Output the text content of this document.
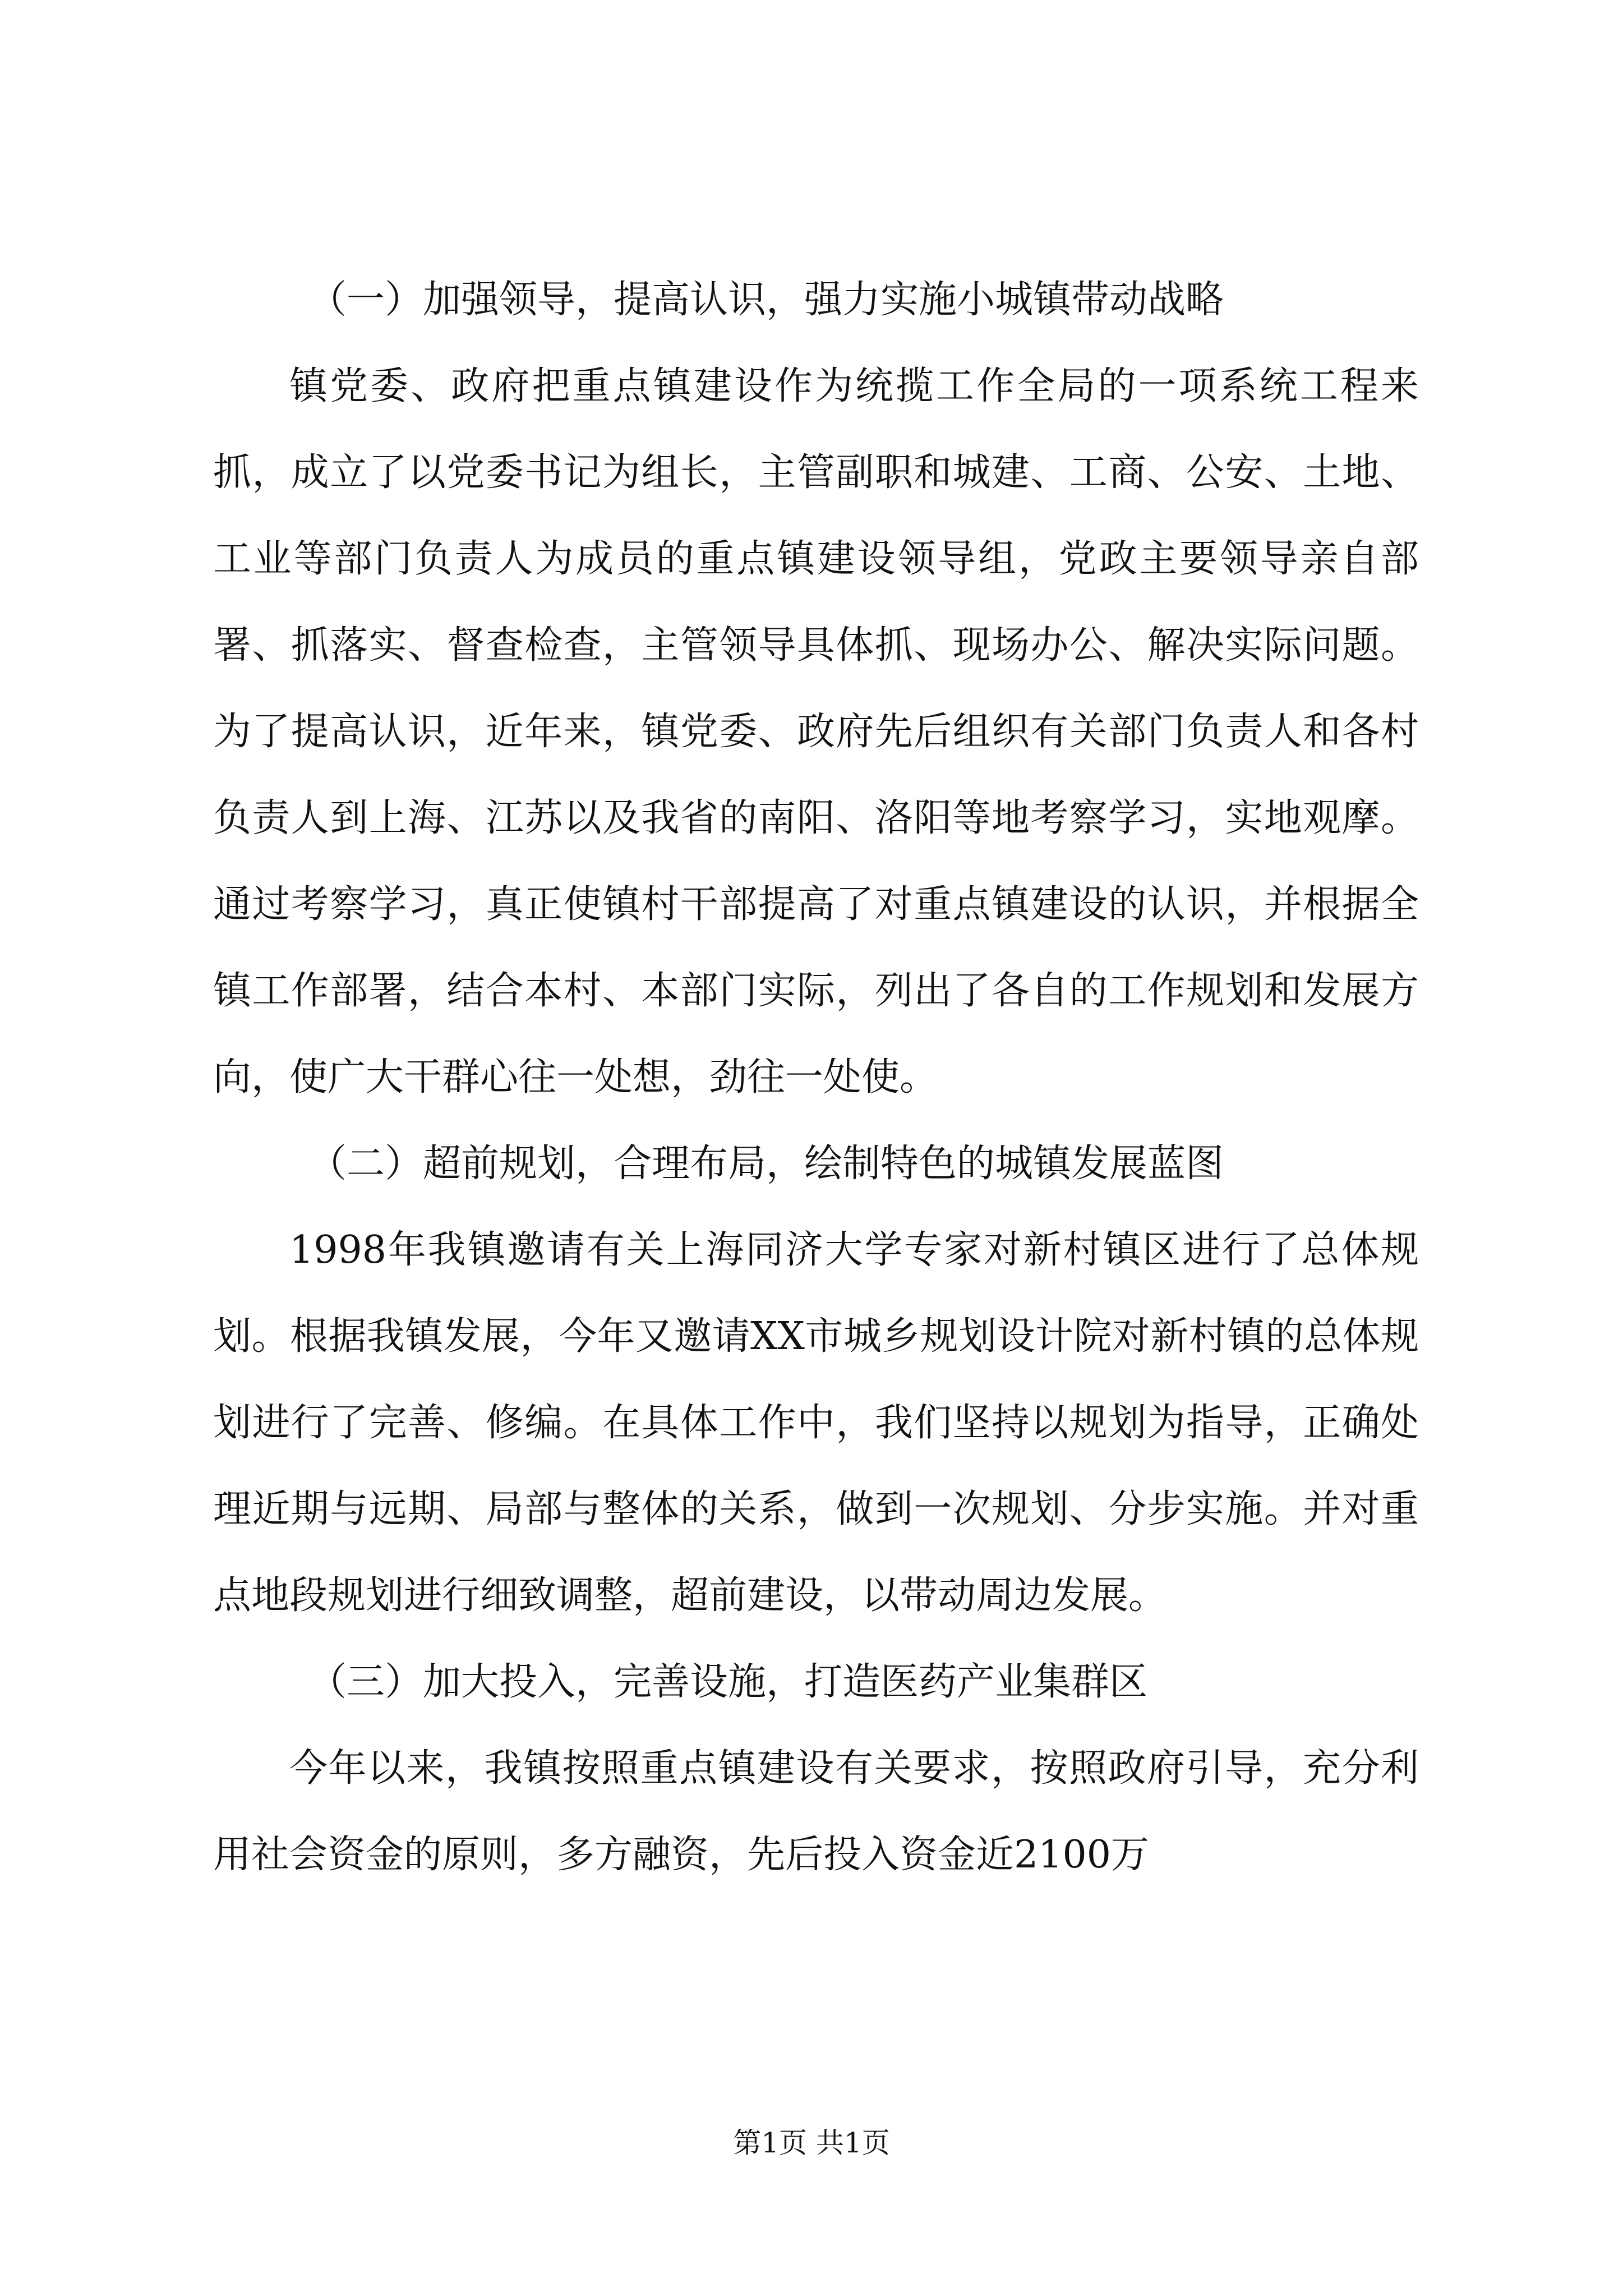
（一）加强领导，提高认识，强力实施小城镇带动战略

镇党委、政府把重点镇建设作为统揽工作全局的一项系统工程来抓，成立了以党委书记为组长，主管副职和城建、工商、公安、土地、工业等部门负责人为成员的重点镇建设领导组，党政主要领导亲自部署、抓落实、督查检查，主管领导具体抓、现场办公、解决实际问题。为了提高认识，近年来，镇党委、政府先后组织有关部门负责人和各村负责人到上海、江苏以及我省的南阳、洛阳等地考察学习，实地观摩。通过考察学习，真正使镇村干部提高了对重点镇建设的认识，并根据全镇工作部署，结合本村、本部门实际，列出了各自的工作规划和发展方向，使广大干群心往一处想，劲往一处使。

（二）超前规划，合理布局，绘制特色的城镇发展蓝图

1998年我镇邀请有关上海同济大学专家对新村镇区进行了总体规划。根据我镇发展，今年又邀请XX市城乡规划设计院对新村镇的总体规划进行了完善、修编。在具体工作中，我们坚持以规划为指导，正确处理近期与远期、局部与整体的关系，做到一次规划、分步实施。并对重点地段规划进行细致调整，超前建设，以带动周边发展。

（三）加大投入，完善设施，打造医药产业集群区

今年以来，我镇按照重点镇建设有关要求，按照政府引导，充分利用社会资金的原则，多方融资，先后投入资金近2100万

第1页 共1页
